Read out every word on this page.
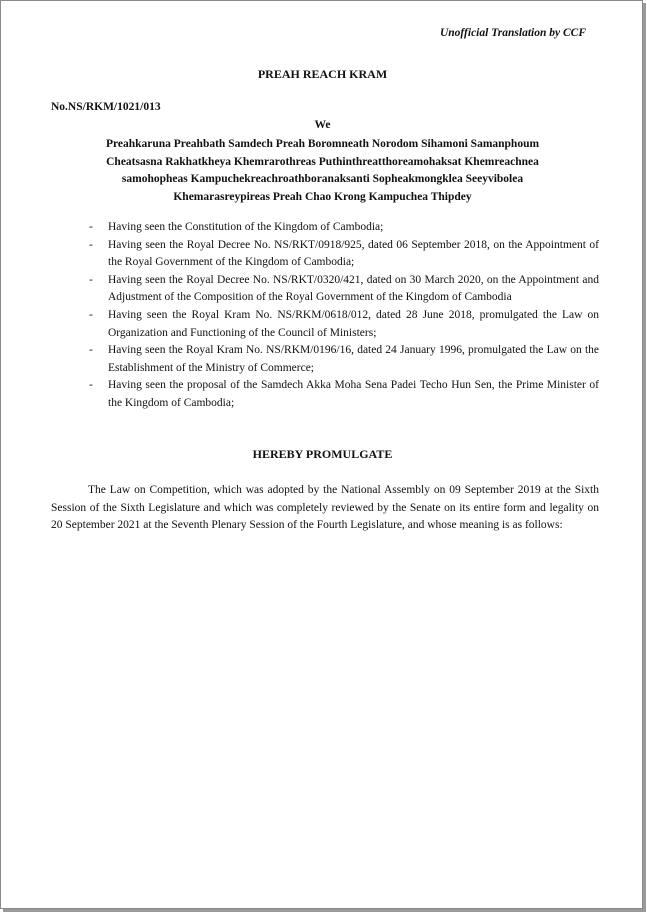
Unofficial Translation by CCF
PREAH REACH KRAM
No.NS/RKM/1021/013
We
Preahkaruna Preahbath Samdech Preah Boromneath Norodom Sihamoni Samanphoum
Cheatsasna Rakhatkheya Khemrarothreas Puthinthreatthoreamohaksat Khemreachnea
samohopheas Kampuchekreachroathboranaksanti Sopheakmongklea Seeyvibolea
Khemarasreypireas Preah Chao Krong Kampuchea Thipdey
- Having seen the Constitution of the Kingdom of Cambodia;
- Having seen the Royal Decree No. NS/RKT/0918/925, dated 06 September 2018, on the Appointment of the Royal Government of the Kingdom of Cambodia;
- Having seen the Royal Decree No. NS/RKT/0320/421, dated on 30 March 2020, on the Appointment and Adjustment of the Composition of the Royal Government of the Kingdom of Cambodia
- Having seen the Royal Kram No. NS/RKM/0618/012, dated 28 June 2018, promulgated the Law on Organization and Functioning of the Council of Ministers;
- Having seen the Royal Kram No. NS/RKM/0196/16, dated 24 January 1996, promulgated the Law on the Establishment of the Ministry of Commerce;
- Having seen the proposal of the Samdech Akka Moha Sena Padei Techo Hun Sen, the Prime Minister of the Kingdom of Cambodia;
HEREBY PROMULGATE

The Law on Competition, which was adopted by the National Assembly on 09 September 2019 at the Sixth Session of the Sixth Legislature and which was completely reviewed by the Senate on its entire form and legality on 20 September 2021 at the Seventh Plenary Session of the Fourth Legislature, and whose meaning is as follows:
